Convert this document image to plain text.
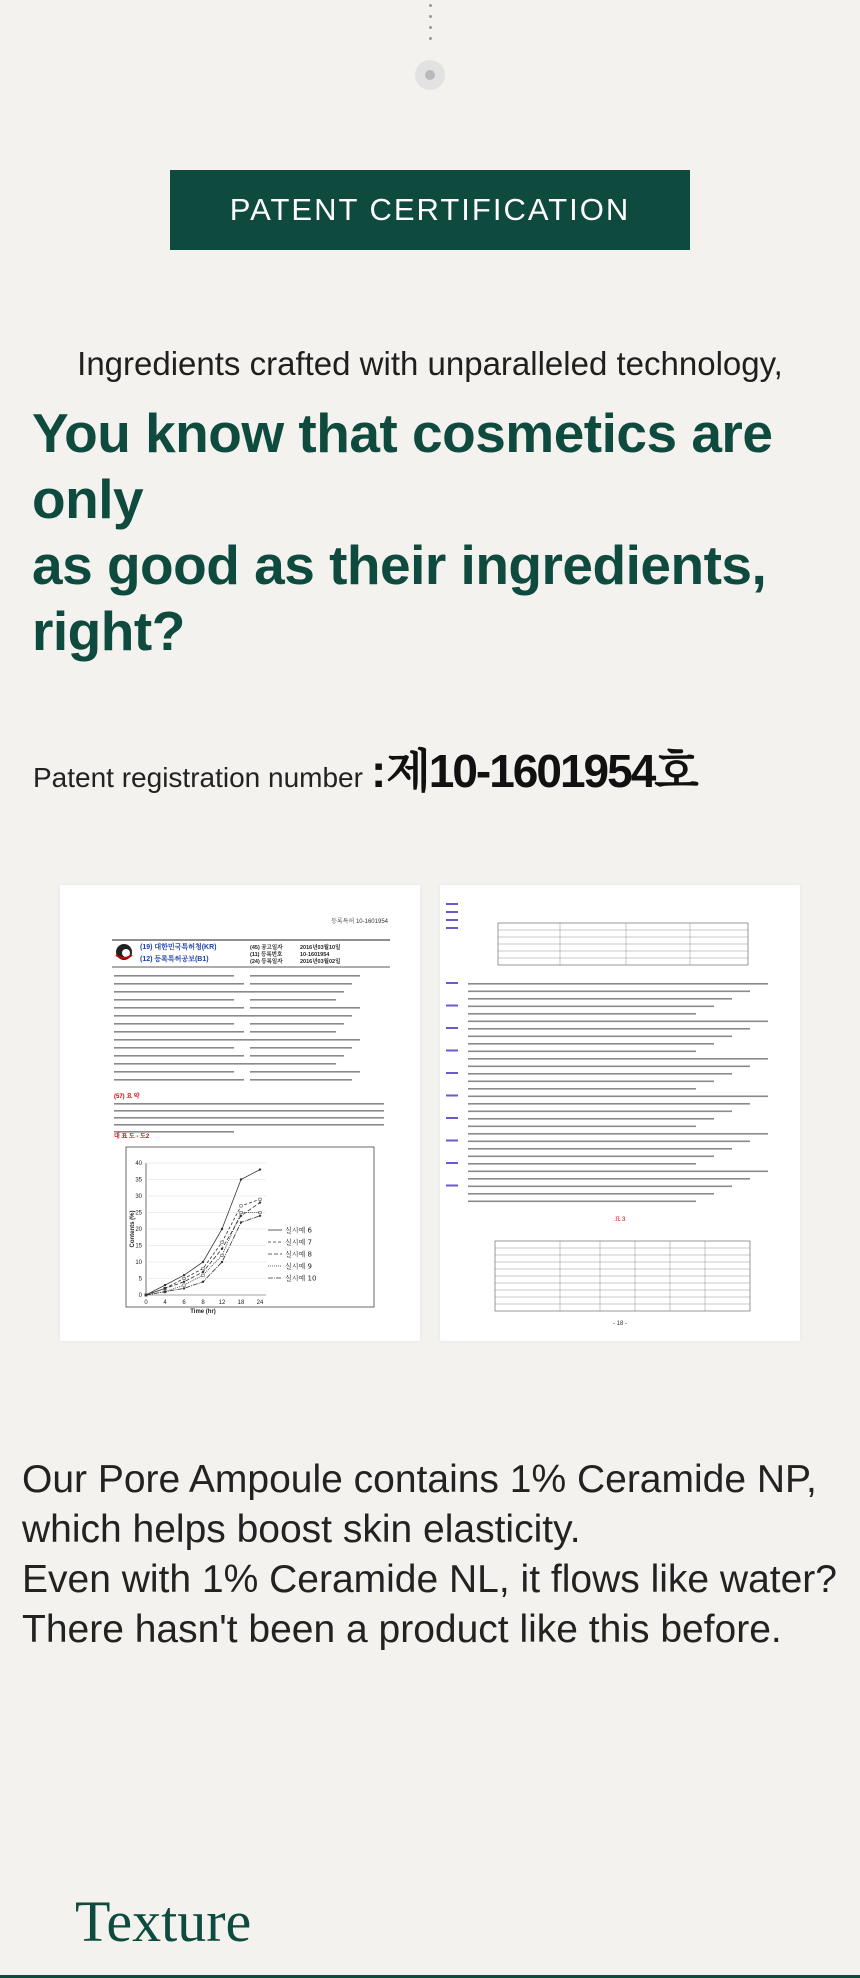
PATENT CERTIFICATION
Ingredients crafted with unparalleled technology,
You know that cosmetics are only
as good as their ingredients, right?
Patent registration number : 제10-1601954호
등록특허 10-1601954
(19) 대한민국특허청(KR)
(12) 등록특허공보(B1)
(45) 공고일자	2016년03월10일
(11) 등록번호	10-1601954
(24) 등록일자	2016년03월02일
(57) 요 약
대 표 도 - 도2
0
5
10
15
20
25
30
35
40
0	4	6	8 12 18 24
Time (hr)
Contents (%)	실시예 6
실시예 7
실시예 8
실시예 9
실시예 10
표 3
- 18 -
Our Pore Ampoule contains 1% Ceramide NP,
which helps boost skin elasticity.
Even with 1% Ceramide NL, it flows like water?
There hasn't been a product like this before.
Texture
